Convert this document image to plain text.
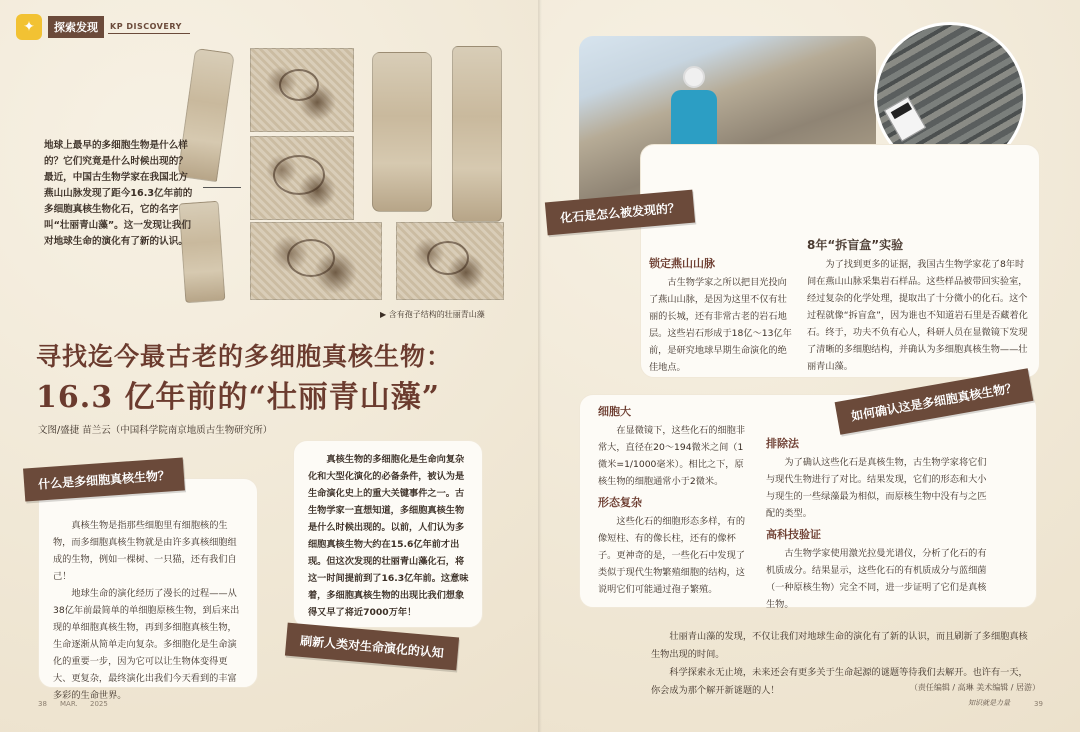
✦	探索发现	KP DISCOVERY
▶ 含有孢子结构的壮丽青山藻
地球上最早的多细胞生物是什么样的？它们究竟是什么时候出现的？最近，中国古生物学家在我国北方燕山山脉发现了距今16.3亿年前的多细胞真核生物化石，它的名字叫“壮丽青山藻”。这一发现让我们对地球生命的演化有了新的认识。
寻找迄今最古老的多细胞真核生物：
16.3 亿年前的“壮丽青山藻”
文图/盛捷 苗兰云（中国科学院南京地质古生物研究所）

真核生物是指那些细胞里有细胞核的生物，而多细胞真核生物就是由许多真核细胞组成的生物，例如一棵树、一只猫，还有我们自己！

地球生命的演化经历了漫长的过程——从38亿年前最简单的单细胞原核生物，到后来出现的单细胞真核生物，再到多细胞真核生物，生命逐渐从简单走向复杂。多细胞化是生命演化的重要一步，因为它可以让生物体变得更大、更复杂，最终演化出我们今天看到的丰富多彩的生命世界。

什么是多细胞真核生物？

真核生物的多细胞化是生命向复杂化和大型化演化的必备条件，被认为是生命演化史上的重大关键事件之一。古生物学家一直想知道，多细胞真核生物是什么时候出现的。以前，人们认为多细胞真核生物大约在15.6亿年前才出现。但这次发现的壮丽青山藻化石，将这一时间提前到了16.3亿年前。这意味着，多细胞真核生物的出现比我们想象得又早了将近7000万年！

刷新人类对生命演化的认知
锁定燕山山脉

古生物学家之所以把目光投向了燕山山脉，是因为这里不仅有壮丽的长城，还有非常古老的岩石地层。这些岩石形成于18亿～13亿年前，是研究地球早期生命演化的绝佳地点。

8年“拆盲盒”实验

为了找到更多的证据，我国古生物学家花了8年时间在燕山山脉采集岩石样品。这些样品被带回实验室，经过复杂的化学处理，提取出了十分微小的化石。这个过程就像“拆盲盒”，因为谁也不知道岩石里是否藏着化石。终于，功夫不负有心人，科研人员在显微镜下发现了清晰的多细胞结构，并确认为多细胞真核生物——壮丽青山藻。

化石是怎么被发现的？
细胞大

在显微镜下，这些化石的细胞非常大，直径在20～194微米之间（1微米=1/1000毫米）。相比之下，原核生物的细胞通常小于2微米。

形态复杂

这些化石的细胞形态多样，有的像短柱、有的像长柱，还有的像杯子。更神奇的是，一些化石中发现了类似于现代生物繁殖细胞的结构，这说明它们可能通过孢子繁殖。

排除法

为了确认这些化石是真核生物，古生物学家将它们与现代生物进行了对比。结果发现，它们的形态和大小与现生的一些绿藻最为相似，而原核生物中没有与之匹配的类型。

高科技验证

古生物学家使用激光拉曼光谱仪，分析了化石的有机质成分。结果显示，这些化石的有机质成分与蓝细菌（一种原核生物）完全不同，进一步证明了它们是真核生物。

如何确认这是多细胞真核生物？

壮丽青山藻的发现，不仅让我们对地球生命的演化有了新的认识，而且刷新了多细胞真核生物出现的时间。

科学探索永无止境，未来还会有更多关于生命起源的谜题等待我们去解开。也许有一天，你会成为那个解开新谜题的人！	（责任编辑 / 高琳 美术编辑 / 居游）
38 MAR. 2025	知识就是力量	39
